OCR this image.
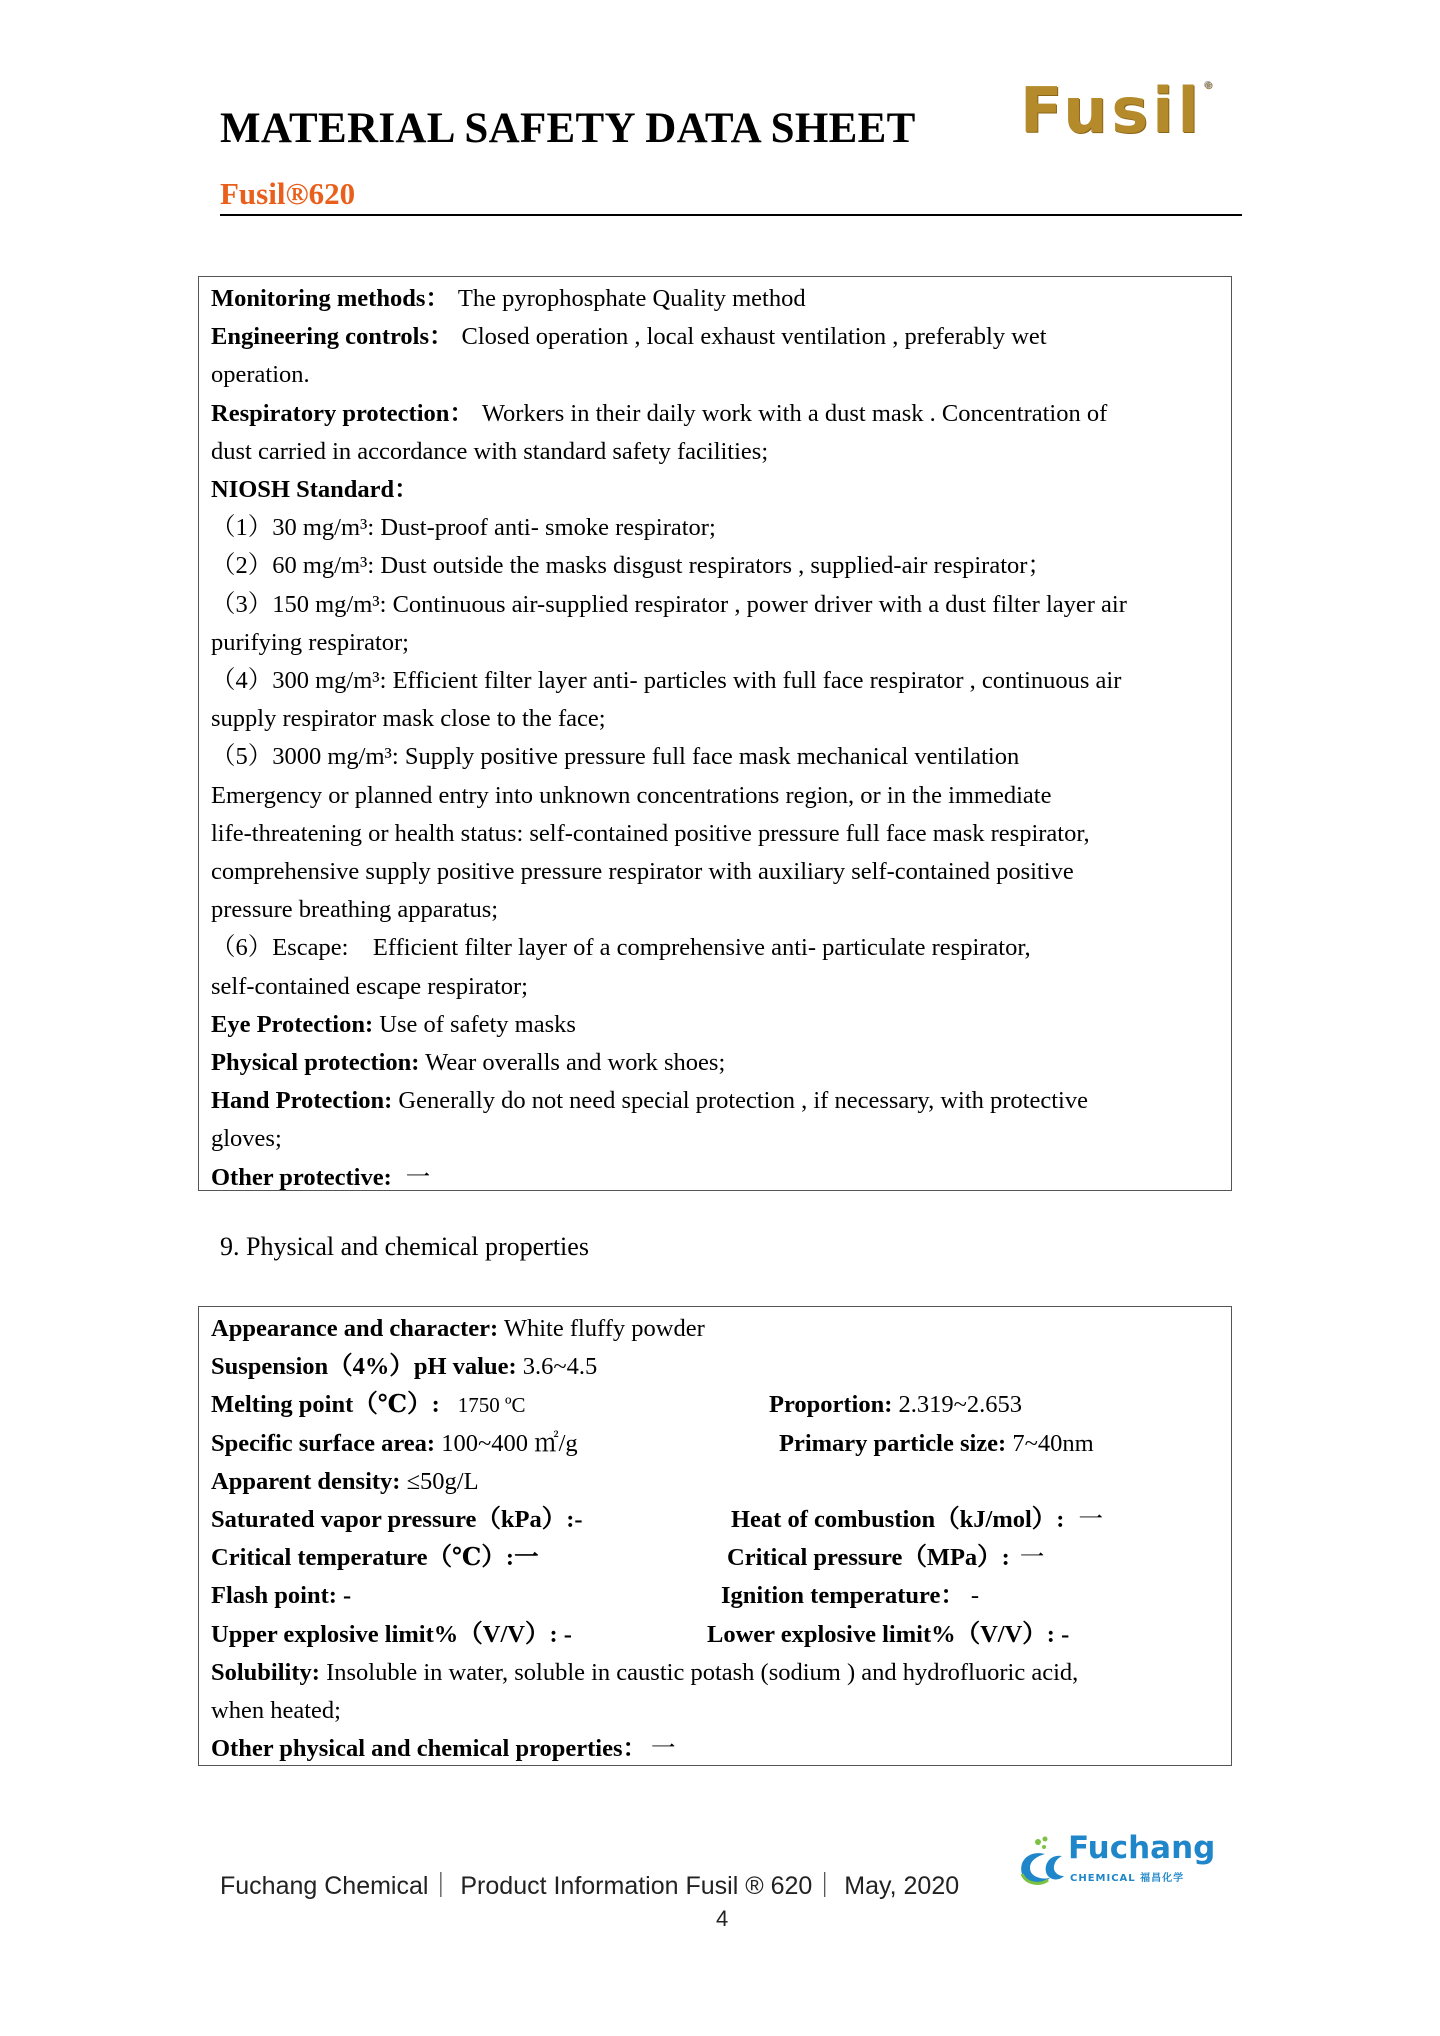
MATERIAL SAFETY DATA SHEET Fusil®
Fusil®620
Monitoring methods： The pyrophosphate Quality method
Engineering controls： Closed operation , local exhaust ventilation , preferably wet
operation.
Respiratory protection： Workers in their daily work with a dust mask . Concentration of
dust carried in accordance with standard safety facilities;
NIOSH Standard：
（1）30 mg/m³: Dust-proof anti- smoke respirator;
（2）60 mg/m³: Dust outside the masks disgust respirators , supplied-air respirator；
（3）150 mg/m³: Continuous air-supplied respirator , power driver with a dust filter layer air
purifying respirator;
（4）300 mg/m³: Efficient filter layer anti- particles with full face respirator , continuous air
supply respirator mask close to the face;
（5）3000 mg/m³: Supply positive pressure full face mask mechanical ventilation
Emergency or planned entry into unknown concentrations region, or in the immediate
life-threatening or health status: self-contained positive pressure full face mask respirator,
comprehensive supply positive pressure respirator with auxiliary self-contained positive
pressure breathing apparatus;
（6）Escape:    Efficient filter layer of a comprehensive anti- particulate respirator,
self-contained escape respirator;
Eye Protection: Use of safety masks
Physical protection: Wear overalls and work shoes;
Hand Protection: Generally do not need special protection , if necessary, with protective
gloves;
Other protective: 一
9. Physical and chemical properties
Appearance and character: White fluffy powder
Suspension（4%）pH value: 3.6~4.5
Melting point（℃）: 1750 ºC	Proportion: 2.319~2.653
Specific surface area: 100~400 ㎡/g	Primary particle size: 7~40nm
Apparent density: ≤50g/L
Saturated vapor pressure（kPa）:-	Heat of combustion（kJ/mol）: 一
Critical temperature（℃）:一	Critical pressure（MPa）: 一
Flash point: -	Ignition temperature： -
Upper explosive limit%（V/V）: -	Lower explosive limit%（V/V）: -
Solubility: Insoluble in water, soluble in caustic potash (sodium ) and hydrofluoric acid,
when heated;
Other physical and chemical properties： 一
Fuchang Chemical｜ Product Information Fusil ® 620｜ May, 2020
4
Fuchang
CHEMICAL 福昌化学
